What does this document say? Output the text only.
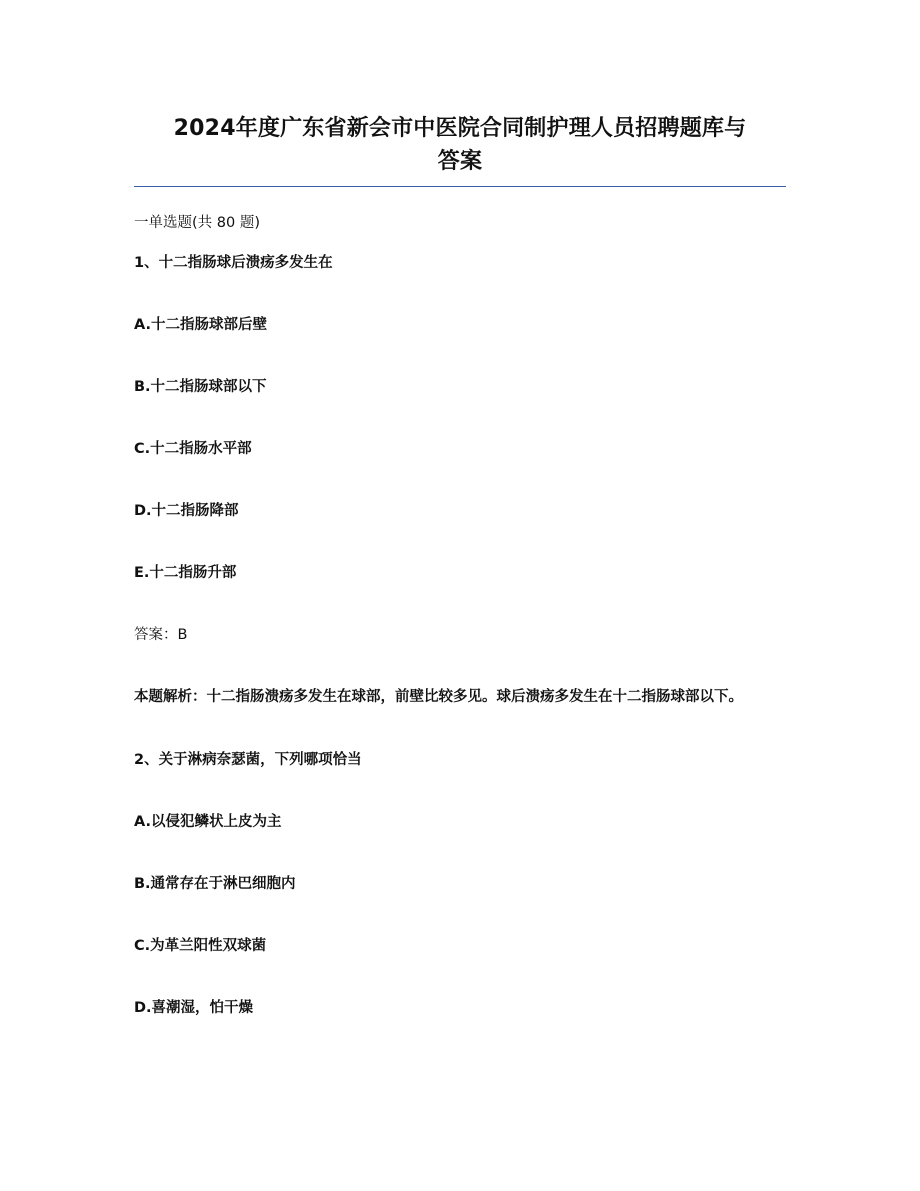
2024年度广东省新会市中医院合同制护理人员招聘题库与
答案
一单选题(共 80 题)
1、十二指肠球后溃疡多发生在
A.十二指肠球部后壁
B.十二指肠球部以下
C.十二指肠水平部
D.十二指肠降部
E.十二指肠升部
答案：B
本题解析：十二指肠溃疡多发生在球部，前壁比较多见。球后溃疡多发生在十二指肠球部以下。
2、关于淋病奈瑟菌，下列哪项恰当
A.以侵犯鳞状上皮为主
B.通常存在于淋巴细胞内
C.为革兰阳性双球菌
D.喜潮湿，怕干燥
